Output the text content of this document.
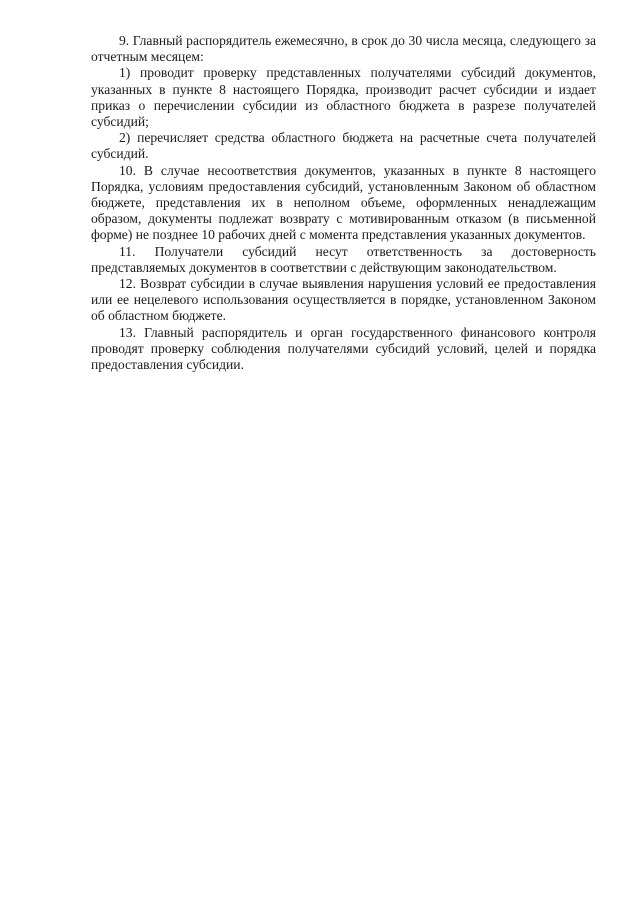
9. Главный распорядитель ежемесячно, в срок до 30 числа месяца, следующего за отчетным месяцем:

1) проводит проверку представленных получателями субсидий документов, указанных в пункте 8 настоящего Порядка, производит расчет субсидии и издает приказ о перечислении субсидии из областного бюджета в разрезе получателей субсидий;

2) перечисляет средства областного бюджета на расчетные счета получателей субсидий.

10. В случае несоответствия документов, указанных в пункте 8 настоящего Порядка, условиям предоставления субсидий, установленным Законом об областном бюджете, представления их в неполном объеме, оформленных ненадлежащим образом, документы подлежат возврату с мотивированным отказом (в письменной форме) не позднее 10 рабочих дней с момента представления указанных документов.

11. Получатели субсидий несут ответственность за достоверность представляемых документов в соответствии с действующим законодательством.

12. Возврат субсидии в случае выявления нарушения условий ее предоставления или ее нецелевого использования осуществляется в порядке, установленном Законом об областном бюджете.

13. Главный распорядитель и орган государственного финансового контроля проводят проверку соблюдения получателями субсидий условий, целей и порядка предоставления субсидии.
